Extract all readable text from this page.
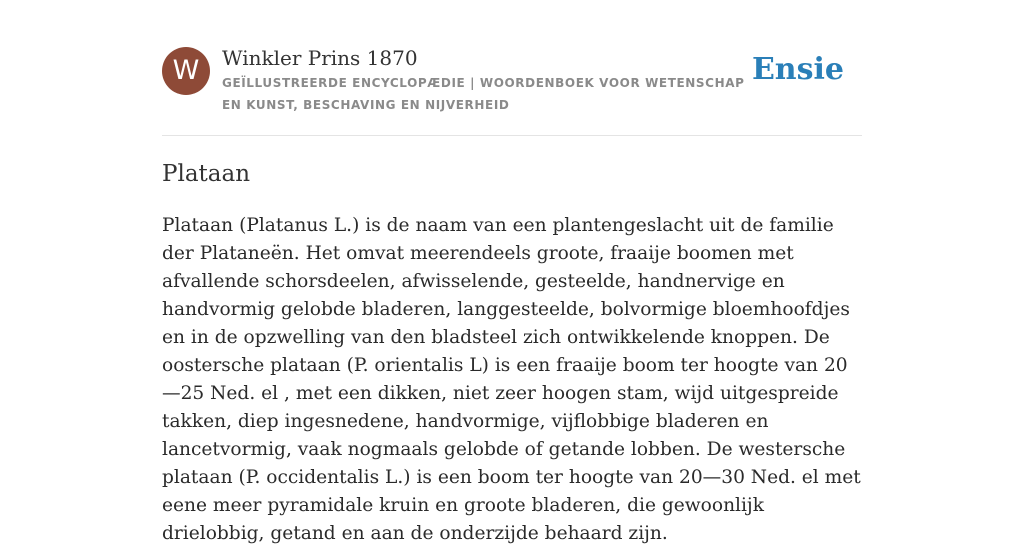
W	Winkler Prins 1870
GEÏLLUSTREERDE ENCYCLOPÆDIE | WOORDENBOEK VOOR WETENSCHAP EN KUNST, BESCHAVING EN NIJVERHEID
Ensie
Plataan

Plataan (Platanus L.) is de naam van een plantengeslacht uit de familie der Plataneën. Het omvat meerendeels groote, fraaije boomen met afvallende schorsdeelen, afwisselende, gesteelde, handnervige en handvormig gelobde bladeren, langgesteelde, bolvormige bloemhoofdjes en in de opzwelling van den bladsteel zich ontwikkelende knoppen. De oostersche plataan (P. orientalis L) is een fraaije boom ter hoogte van 20—25 Ned. el , met een dikken, niet zeer hoogen stam, wijd uitgespreide takken, diep ingesnedene, handvormige, vijflobbige bladeren en lancetvormig, vaak nogmaals gelobde of getande lobben. De westersche plataan (P. occidentalis L.) is een boom ter hoogte van 20—30 Ned. el met eene meer pyramidale kruin en groote bladeren, die gewoonlijk drielobbig, getand en aan de onderzijde behaard zijn.
